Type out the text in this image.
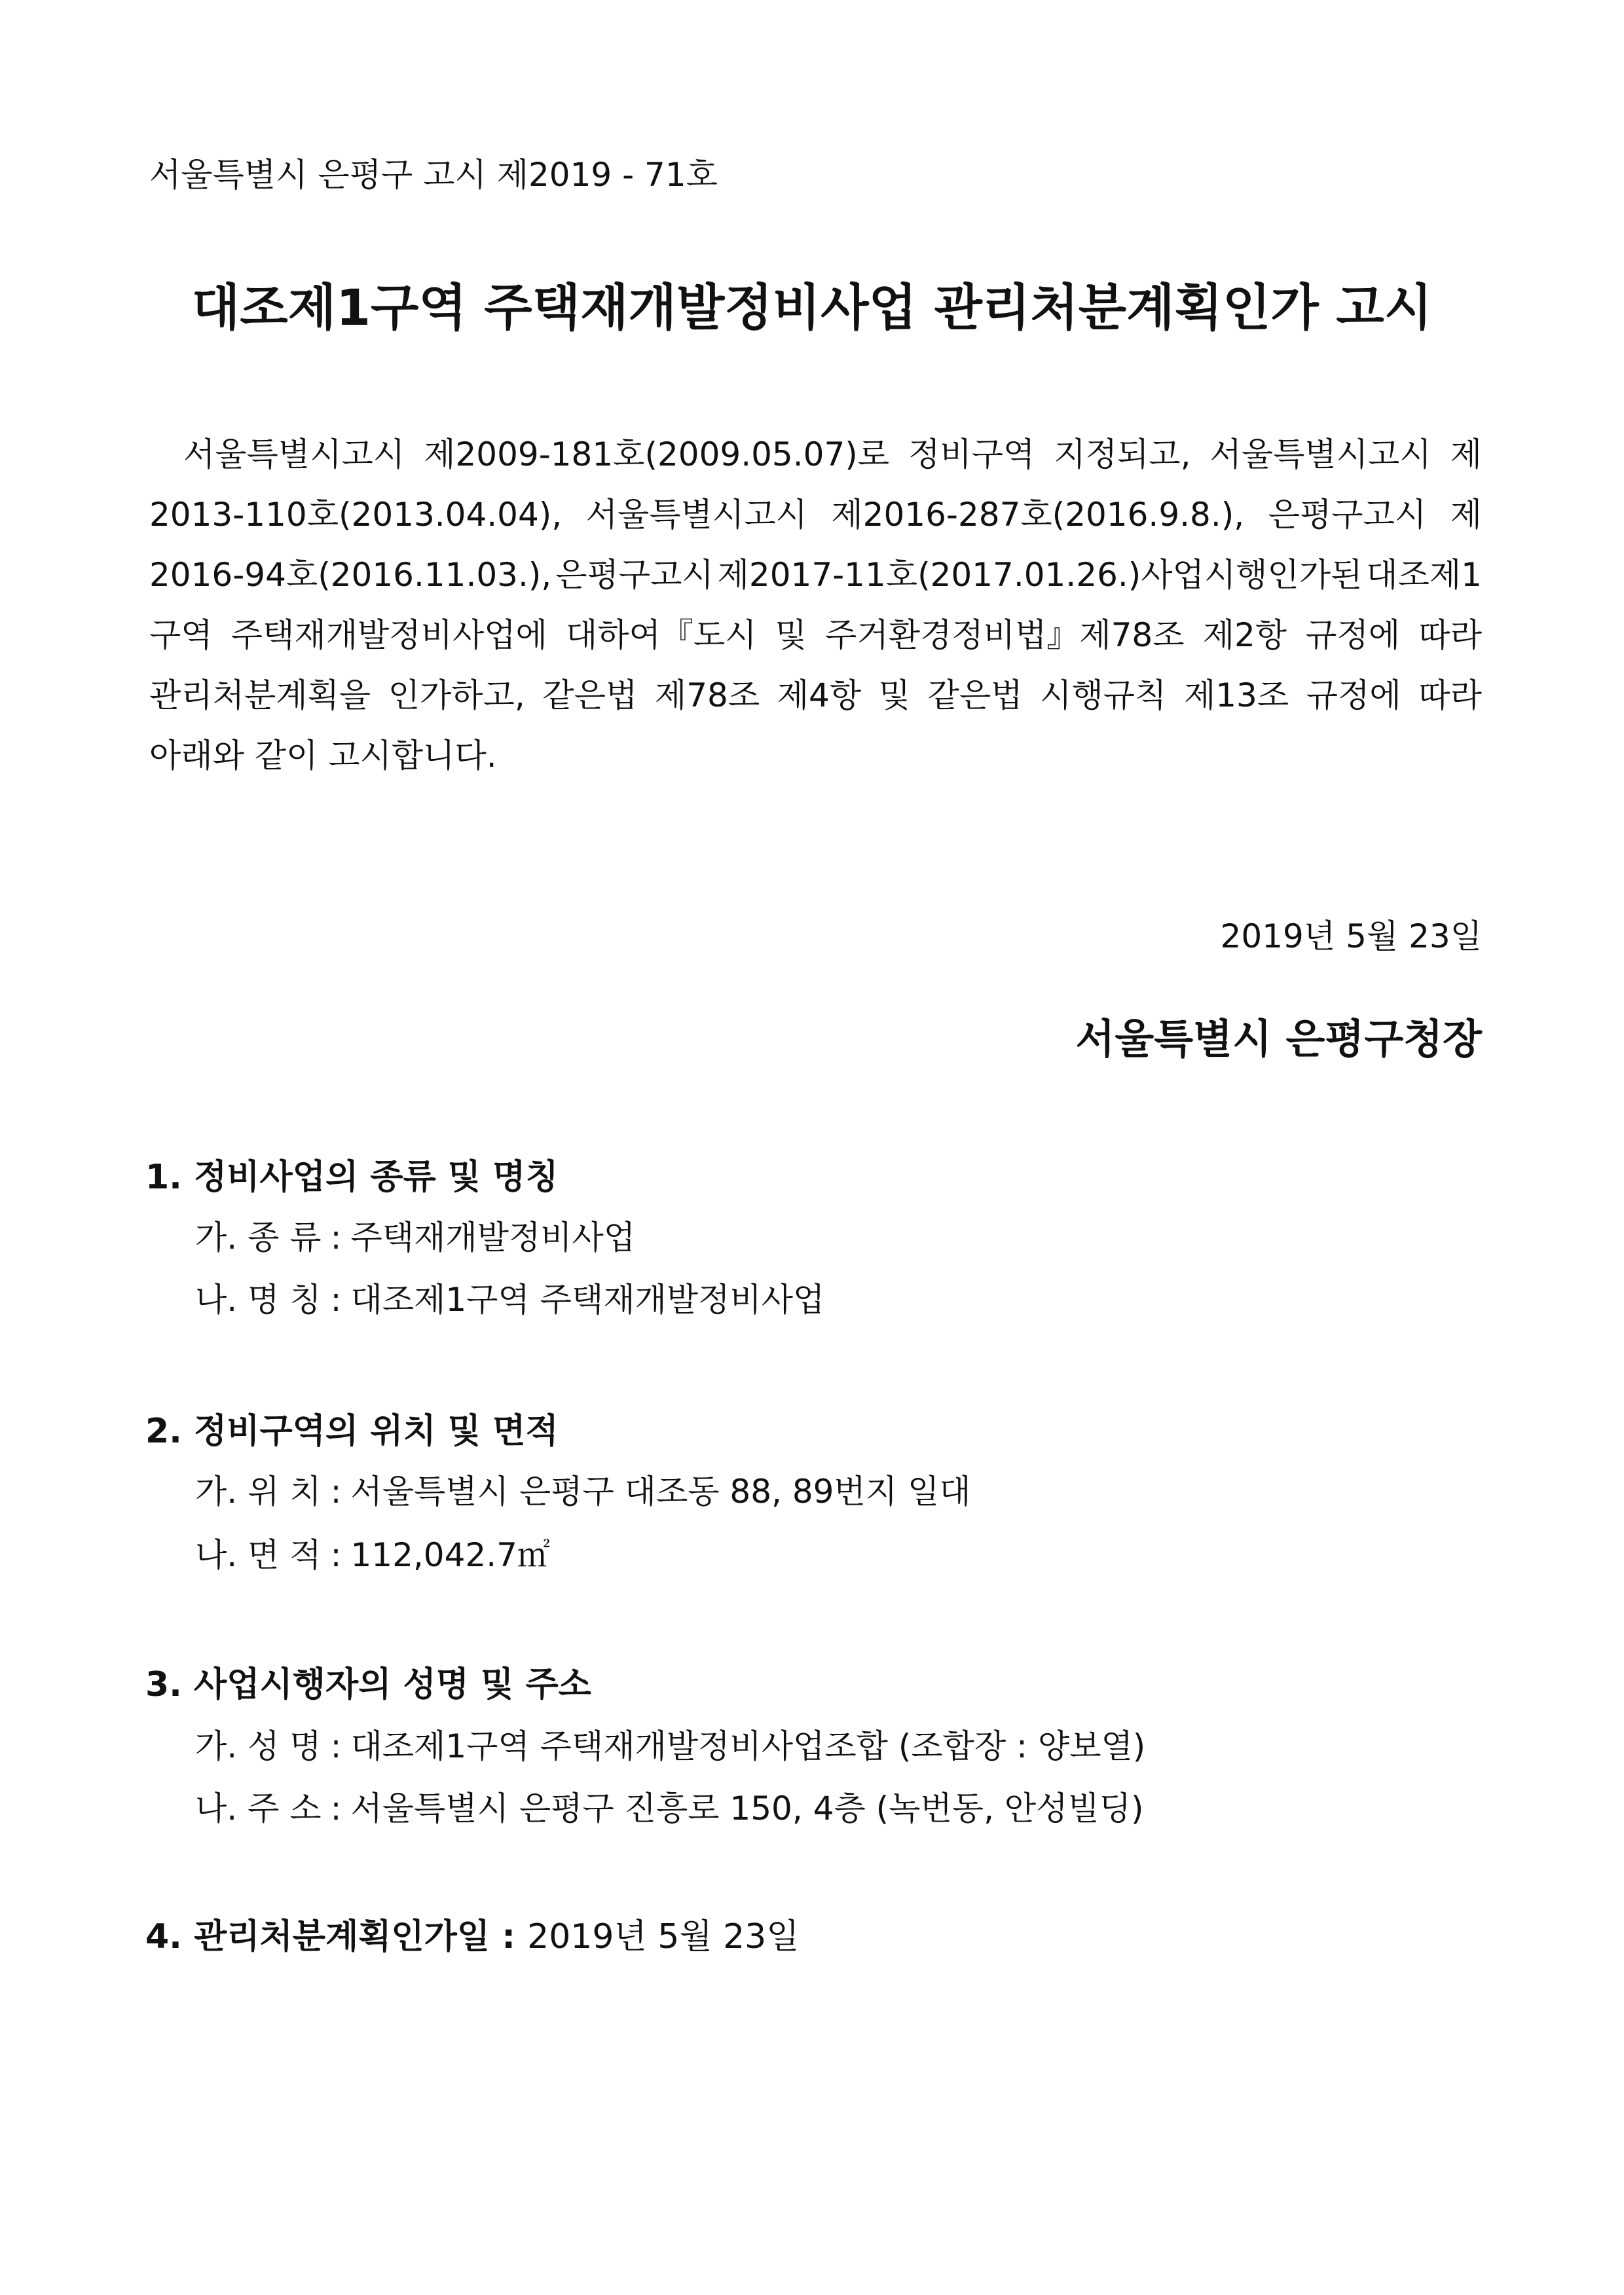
서울특별시 은평구 고시 제2019 - 71호
대조제1구역 주택재개발정비사업 관리처분계획인가 고시
서울특별시고시 제2009-181호(2009.05.07)로 정비구역 지정되고, 서울특별시고시 제
2013-110호(2013.04.04), 서울특별시고시 제2016-287호(2016.9.8.), 은평구고시 제
2016-94호(2016.11.03.), 은평구고시 제2017-11호(2017.01.26.)사업시행인가된 대조제1
구역 주택재개발정비사업에 대하여『도시 및 주거환경정비법』제78조 제2항 규정에 따라
관리처분계획을 인가하고, 같은법 제78조 제4항 및 같은법 시행규칙 제13조 규정에 따라
아래와 같이 고시합니다.
2019년 5월 23일
서울특별시 은평구청장
1. 정비사업의 종류 및 명칭
가. 종 류 : 주택재개발정비사업
나. 명 칭 : 대조제1구역 주택재개발정비사업
2. 정비구역의 위치 및 면적
가. 위 치 : 서울특별시 은평구 대조동 88, 89번지 일대
나. 면 적 : 112,042.7㎡
3. 사업시행자의 성명 및 주소
가. 성 명 : 대조제1구역 주택재개발정비사업조합 (조합장 : 양보열)
나. 주 소 : 서울특별시 은평구 진흥로 150, 4층 (녹번동, 안성빌딩)
4. 관리처분계획인가일 : 2019년 5월 23일
